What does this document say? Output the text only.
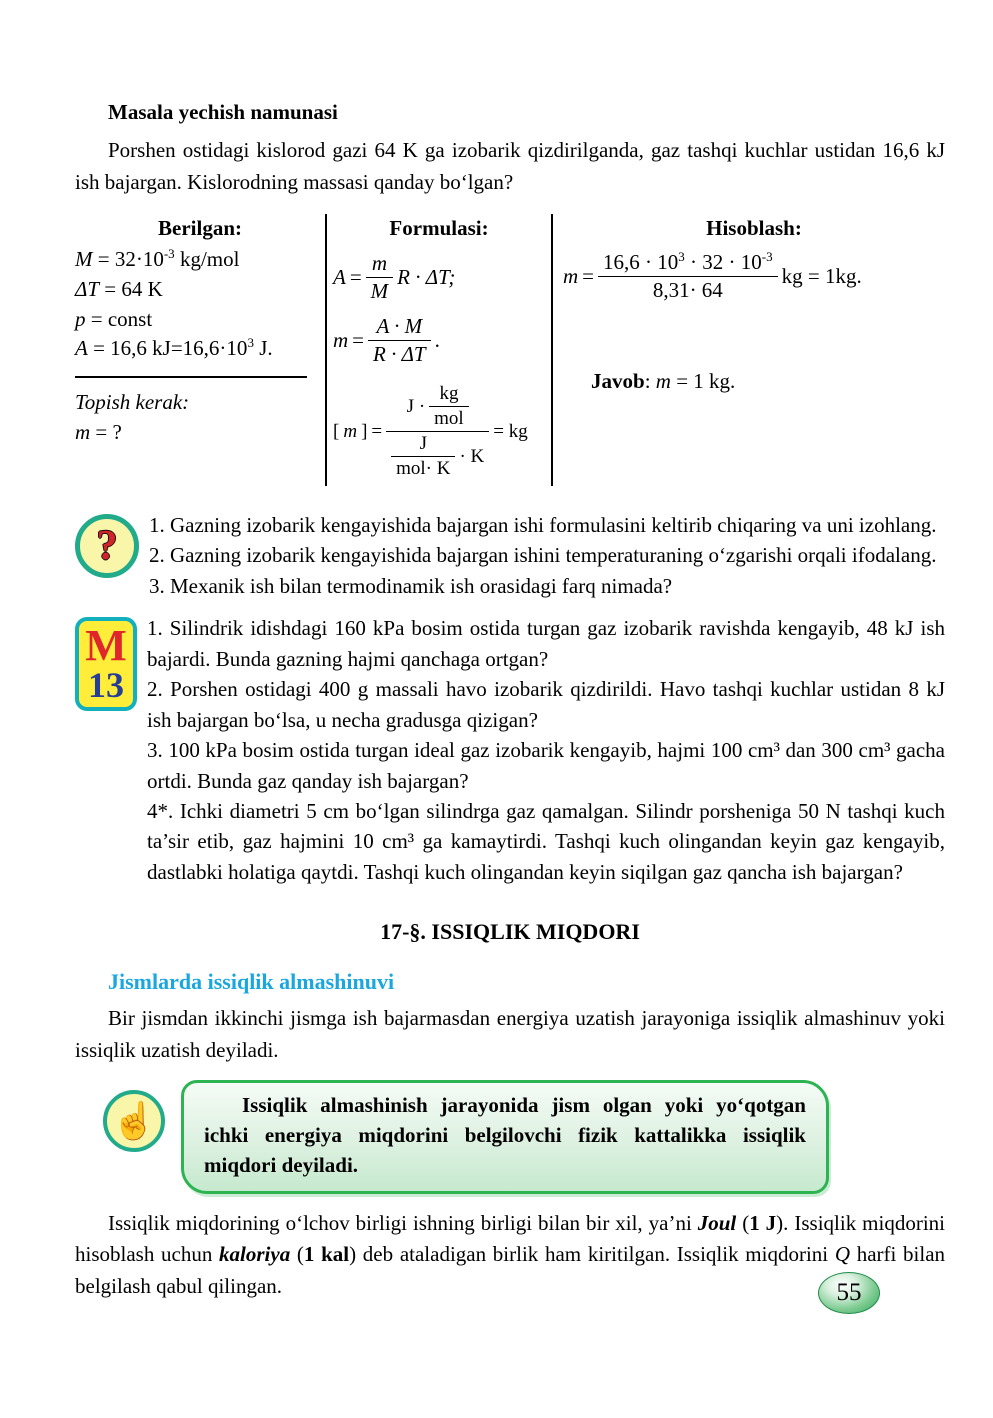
Masala yechish namunasi

Porshen ostidagi kislorod gazi 64 K ga izobarik qizdirilganda, gaz tashqi kuchlar ustidan 16,6 kJ ish bajargan. Kislorodning massasi qanday bo‘lgan?

Berilgan:
$M = 32\cdot 10^{-3}$ kg/mol
ΔT = 64 K
p = const
A = 16,6 $kJ=16,6\cdot 10^3$ J.
Topish kerak:
m = ?
Formulasi:
$A = \frac{m}{M}$ R · ΔT;
$m = \frac{A \cdot M}{R \cdot \Delta T}$ .
[ m ] = $\frac{J \cdot \frac{kg}{\text{mol}}}{\frac{J}{\text{mol· K}} \cdot K}$ = kg
Hisoblash:
$m = \frac{16,6 \cdot 10^3 \cdot 32 \cdot 10^{-3}}{8,31\cdot 64}$ kg = 1kg.
Javob: m = 1 kg.
? 1. Gazning izobarik kengayishida bajargan ishi formulasini keltirib chiqaring va uni izohlang.

2. Gazning izobarik kengayishida bajargan ishini temperaturaning o‘zgarishi orqali ifodalang.

3. Mexanik ish bilan termodinamik ish orasidagi farq nimada?

M
13

1. Silindrik idishdagi 160 kPa bosim ostida turgan gaz izobarik ravishda kengayib, 48 kJ ish bajardi. Bunda gazning hajmi qanchaga ortgan?

2. Porshen ostidagi 400 g massali havo izobarik qizdirildi. Havo tashqi kuchlar ustidan 8 kJ ish bajargan bo‘lsa, u necha gradusga qizigan?

3. 100 kPa bosim ostida turgan ideal gaz izobarik kengayib, hajmi 100 cm³ dan 300 cm³ gacha ortdi. Bunda gaz qanday ish bajargan?

4*. Ichki diametri 5 cm bo‘lgan silindrga gaz qamalgan. Silindr porsheniga 50 N tashqi kuch ta’sir etib, gaz hajmini 10 cm³ ga kamaytirdi. Tashqi kuch olingandan keyin gaz kengayib, dastlabki holatiga qaytdi. Tashqi kuch olingandan keyin siqilgan gaz qancha ish bajargan?

17-§. ISSIQLIK MIQDORI
Jismlarda issiqlik almashinuvi

Bir jismdan ikkinchi jismga ish bajarmasdan energiya uzatish jarayoniga issiqlik almashinuv yoki issiqlik uzatish deyiladi.

☝	Issiqlik almashinish jarayonida jism olgan yoki yo‘qotgan ichki energiya miqdorini belgilovchi fizik kattalikka issiqlik miqdori deyiladi.

Issiqlik miqdorining o‘lchov birligi ishning birligi bilan bir xil, ya’ni Joul (1 J). Issiqlik miqdorini hisoblash uchun kaloriya (1 kal) deb ataladigan birlik ham kiritilgan. Issiqlik miqdorini Q harfi bilan belgilash qabul qilingan.	55
